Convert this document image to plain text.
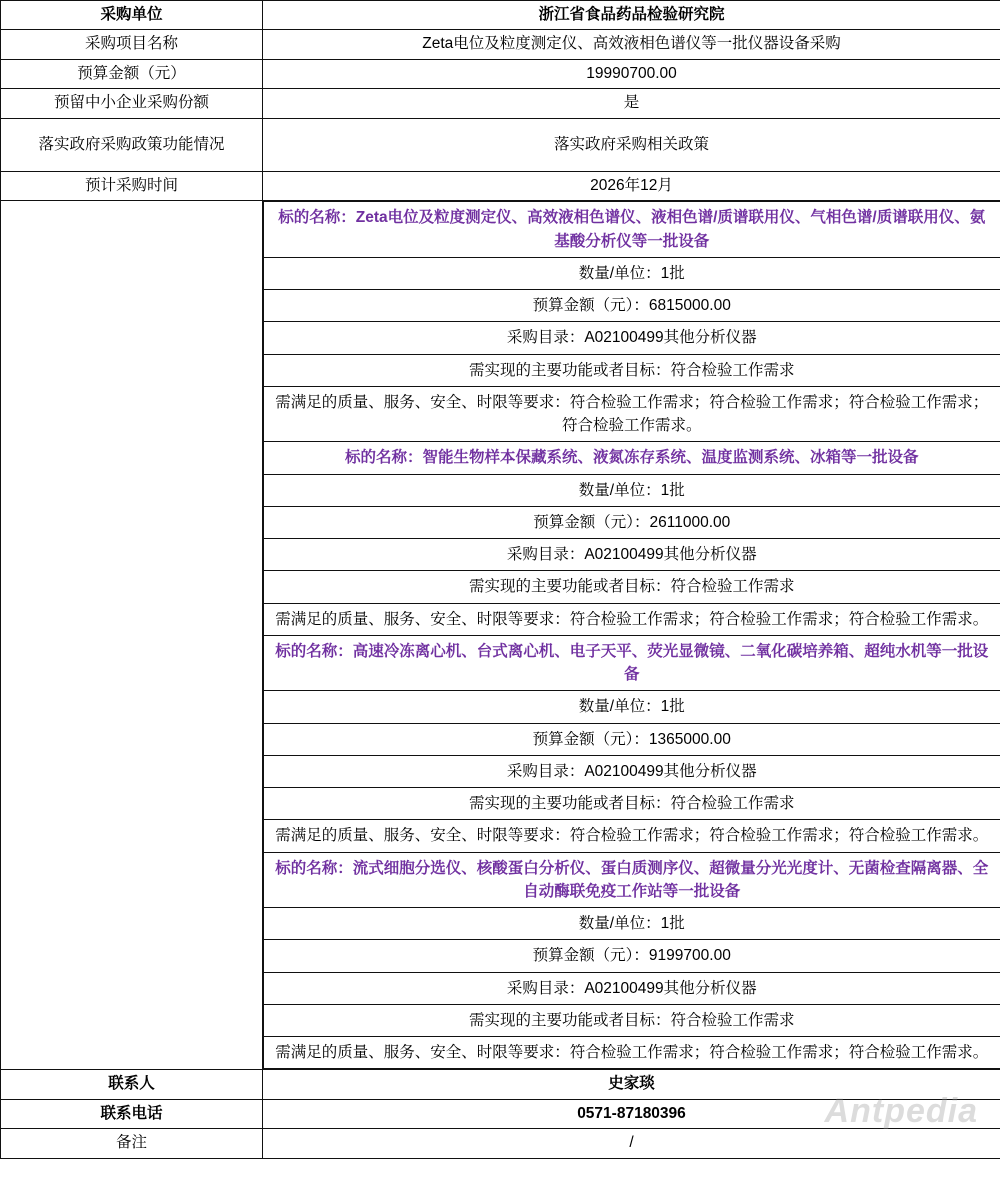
采购单位	浙江省食品药品检验研究院
采购项目名称	Zeta电位及粒度测定仪、高效液相色谱仪等一批仪器设备采购
预算金额（元）	19990700.00
预留中小企业采购份额	是
落实政府采购政策功能情况	落实政府采购相关政策
预计采购时间	2026年12月

标的名称：Zeta电位及粒度测定仪、高效液相色谱仪、液相色谱/质谱联用仪、气相色谱/质谱联用仪、氨基酸分析仪等一批设备
数量/单位：1批
预算金额（元）：6815000.00
采购目录：A02100499其他分析仪器
需实现的主要功能或者目标：符合检验工作需求
需满足的质量、服务、安全、时限等要求：符合检验工作需求；符合检验工作需求；符合检验工作需求；符合检验工作需求。
标的名称：智能生物样本保藏系统、液氮冻存系统、温度监测系统、冰箱等一批设备
数量/单位：1批
预算金额（元）：2611000.00
采购目录：A02100499其他分析仪器
需实现的主要功能或者目标：符合检验工作需求
需满足的质量、服务、安全、时限等要求：符合检验工作需求；符合检验工作需求；符合检验工作需求。
标的名称：高速冷冻离心机、台式离心机、电子天平、荧光显微镜、二氧化碳培养箱、超纯水机等一批设备
数量/单位：1批
预算金额（元）：1365000.00
采购目录：A02100499其他分析仪器
需实现的主要功能或者目标：符合检验工作需求
需满足的质量、服务、安全、时限等要求：符合检验工作需求；符合检验工作需求；符合检验工作需求。
标的名称：流式细胞分选仪、核酸蛋白分析仪、蛋白质测序仪、超微量分光光度计、无菌检查隔离器、全自动酶联免疫工作站等一批设备
数量/单位：1批
预算金额（元）：9199700.00
采购目录：A02100499其他分析仪器
需实现的主要功能或者目标：符合检验工作需求
需满足的质量、服务、安全、时限等要求：符合检验工作需求；符合检验工作需求；符合检验工作需求。

联系人	史家琰
联系电话	0571-87180396
备注	/
Antpedia
